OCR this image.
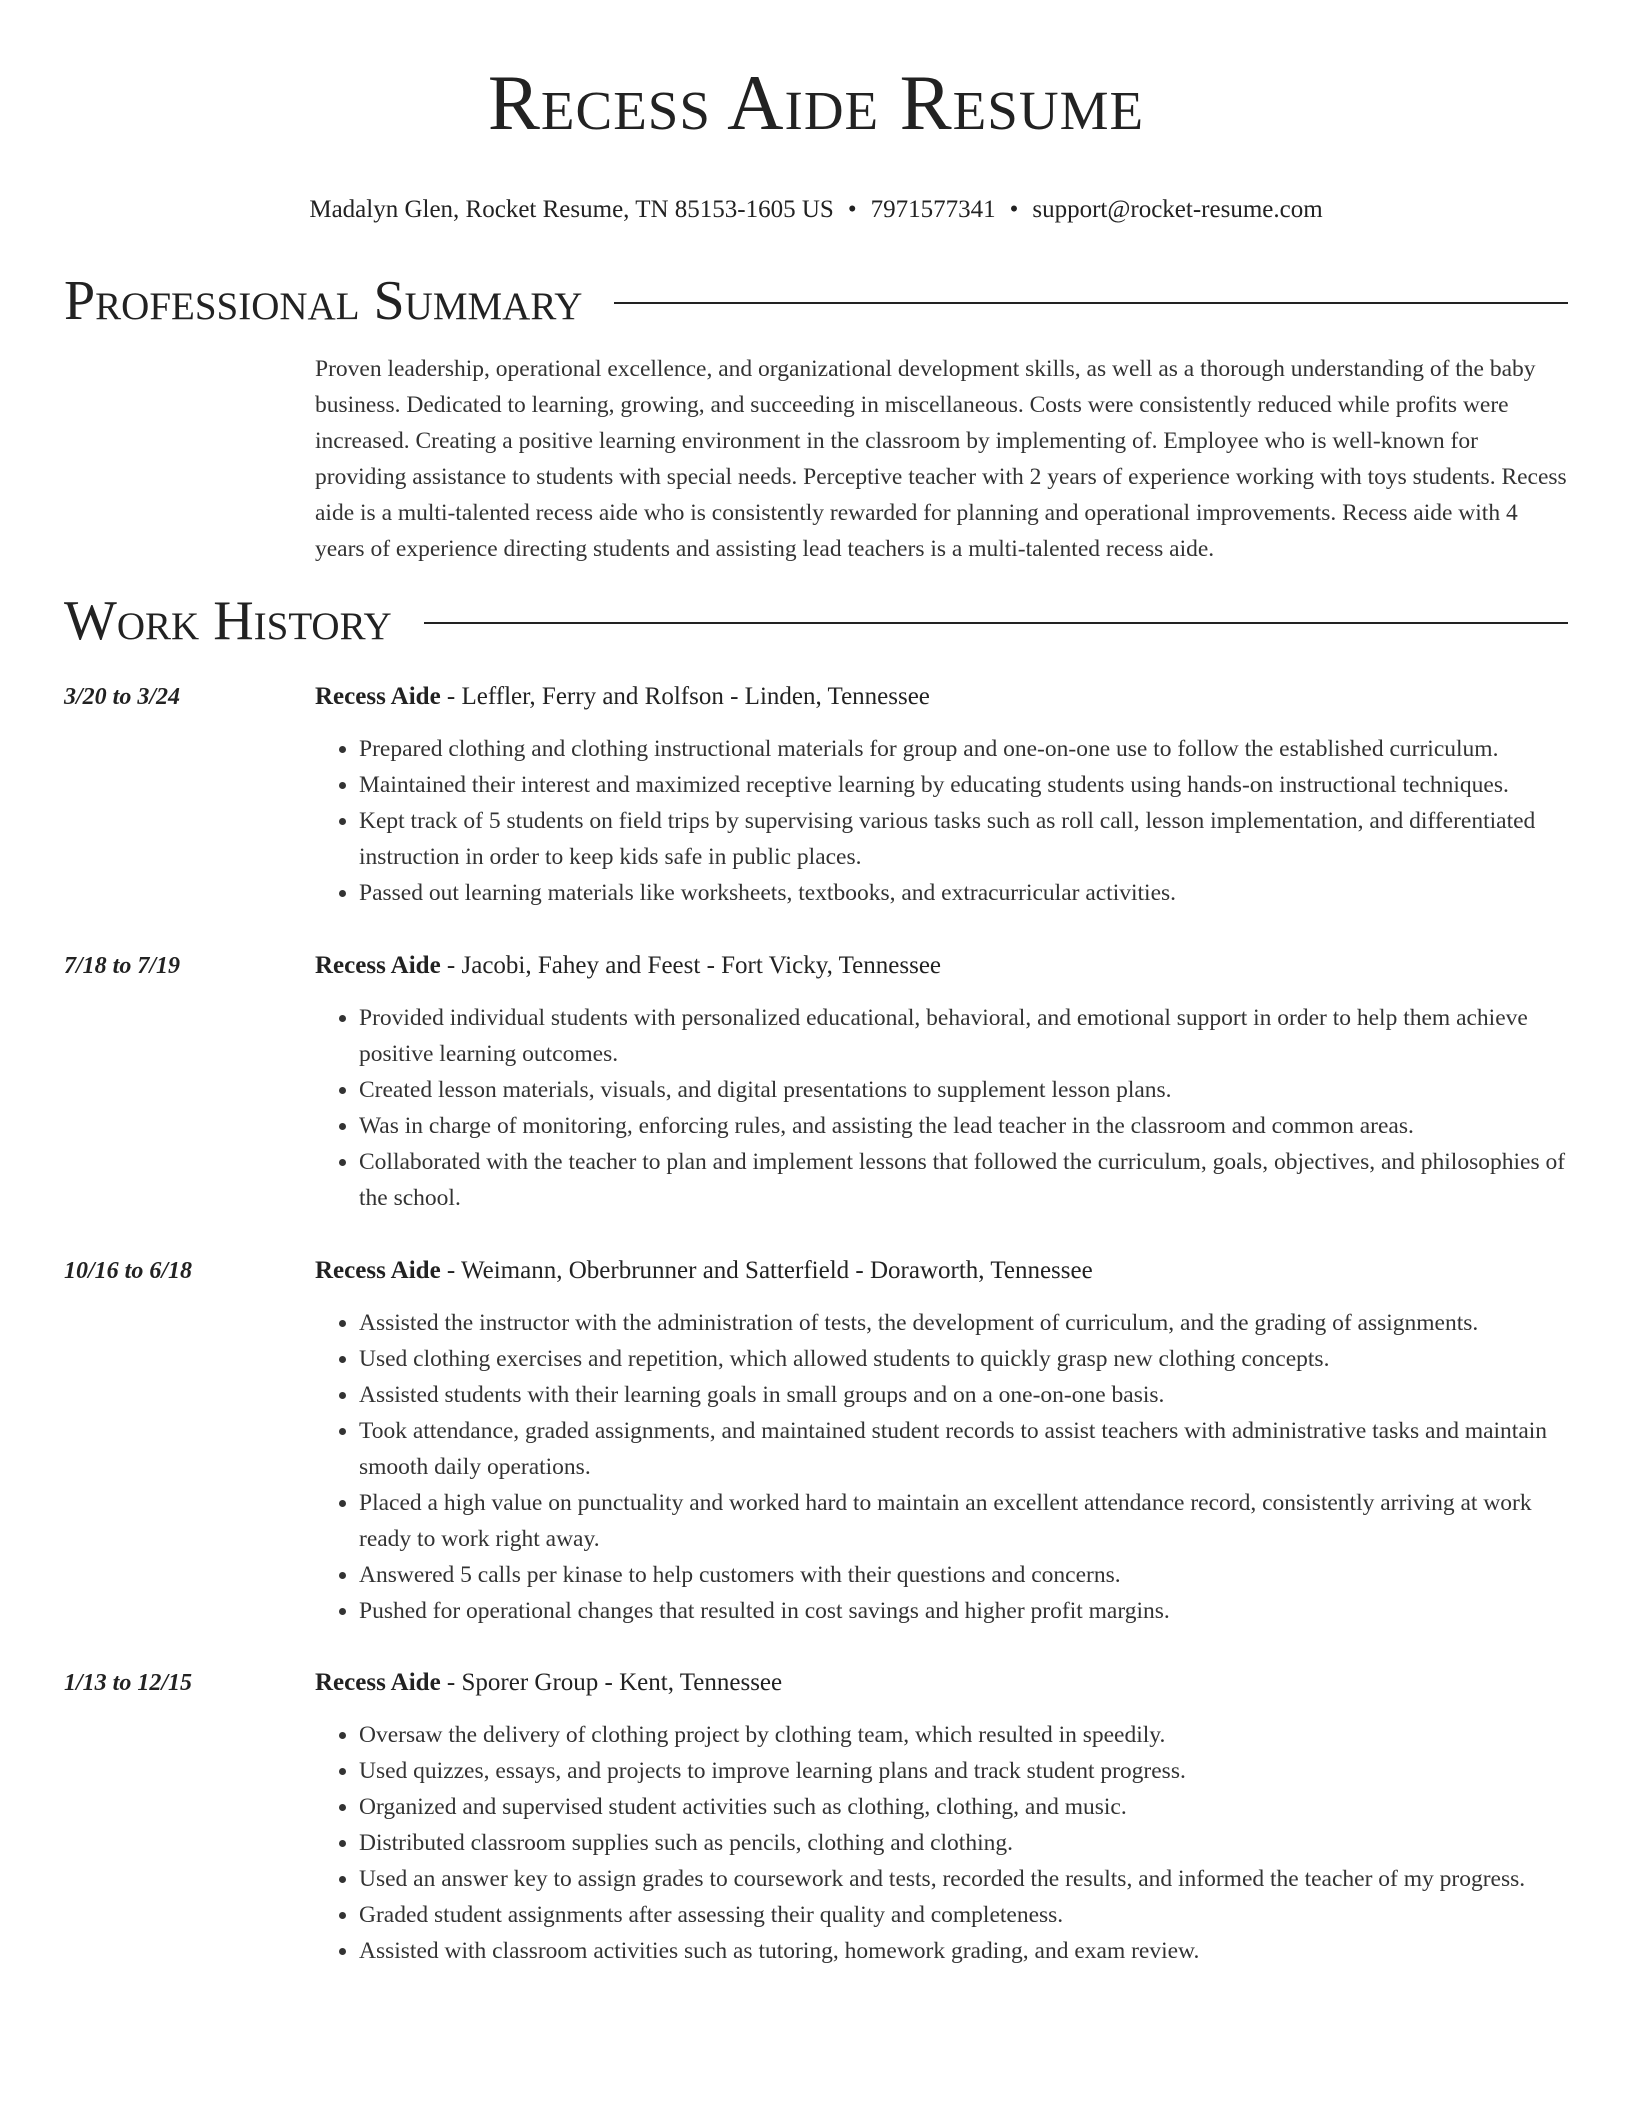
Recess Aide Resume
Madalyn Glen, Rocket Resume, TN 85153-1605 US • 7971577341 • support@rocket-resume.com
Professional Summary
Proven leadership, operational excellence, and organizational development skills, as well as a thorough understanding of the baby business. Dedicated to learning, growing, and succeeding in miscellaneous. Costs were consistently reduced while profits were increased. Creating a positive learning environment in the classroom by implementing of. Employee who is well-known for providing assistance to students with special needs. Perceptive teacher with 2 years of experience working with toys students. Recess aide is a multi-talented recess aide who is consistently rewarded for planning and operational improvements. Recess aide with 4 years of experience directing students and assisting lead teachers is a multi-talented recess aide.
Work History
3/20 to 3/24	Recess Aide - Leffler, Ferry and Rolfson - Linden, Tennessee
• Prepared clothing and clothing instructional materials for group and one-on-one use to follow the established curriculum.
• Maintained their interest and maximized receptive learning by educating students using hands-on instructional techniques.
• Kept track of 5 students on field trips by supervising various tasks such as roll call, lesson implementation, and differentiated instruction in order to keep kids safe in public places.
• Passed out learning materials like worksheets, textbooks, and extracurricular activities.
7/18 to 7/19	Recess Aide - Jacobi, Fahey and Feest - Fort Vicky, Tennessee
• Provided individual students with personalized educational, behavioral, and emotional support in order to help them achieve positive learning outcomes.
• Created lesson materials, visuals, and digital presentations to supplement lesson plans.
• Was in charge of monitoring, enforcing rules, and assisting the lead teacher in the classroom and common areas.
• Collaborated with the teacher to plan and implement lessons that followed the curriculum, goals, objectives, and philosophies of the school.
10/16 to 6/18	Recess Aide - Weimann, Oberbrunner and Satterfield - Doraworth, Tennessee
• Assisted the instructor with the administration of tests, the development of curriculum, and the grading of assignments.
• Used clothing exercises and repetition, which allowed students to quickly grasp new clothing concepts.
• Assisted students with their learning goals in small groups and on a one-on-one basis.
• Took attendance, graded assignments, and maintained student records to assist teachers with administrative tasks and maintain smooth daily operations.
• Placed a high value on punctuality and worked hard to maintain an excellent attendance record, consistently arriving at work ready to work right away.
• Answered 5 calls per kinase to help customers with their questions and concerns.
• Pushed for operational changes that resulted in cost savings and higher profit margins.
1/13 to 12/15	Recess Aide - Sporer Group - Kent, Tennessee
• Oversaw the delivery of clothing project by clothing team, which resulted in speedily.
• Used quizzes, essays, and projects to improve learning plans and track student progress.
• Organized and supervised student activities such as clothing, clothing, and music.
• Distributed classroom supplies such as pencils, clothing and clothing.
• Used an answer key to assign grades to coursework and tests, recorded the results, and informed the teacher of my progress.
• Graded student assignments after assessing their quality and completeness.
• Assisted with classroom activities such as tutoring, homework grading, and exam review.
